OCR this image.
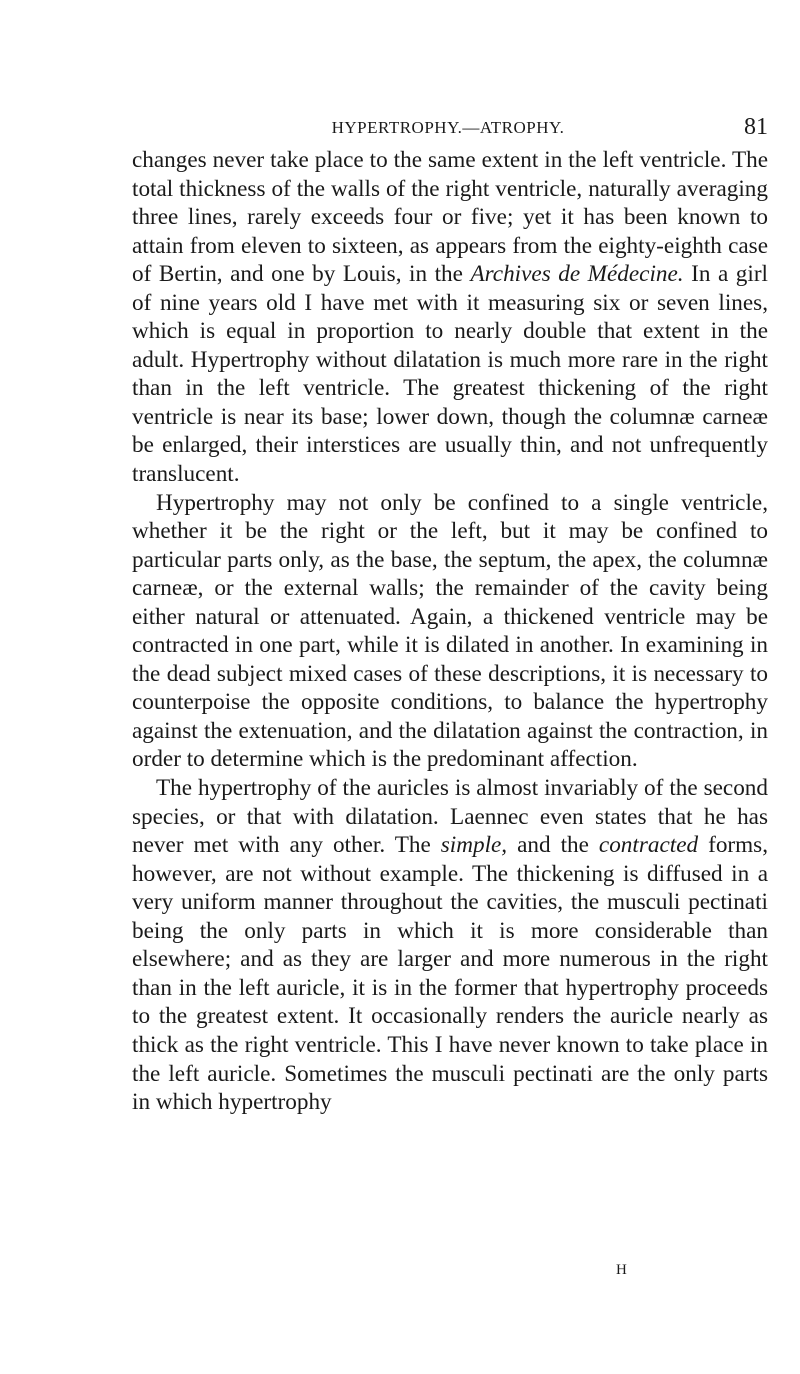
HYPERTROPHY.—ATROPHY.	81

changes never take place to the same extent in the left ventricle. The total thickness of the walls of the right ventricle, naturally averaging three lines, rarely exceeds four or five; yet it has been known to attain from eleven to sixteen, as appears from the eighty-eighth case of Bertin, and one by Louis, in the Archives de Médecine. In a girl of nine years old I have met with it measuring six or seven lines, which is equal in proportion to nearly double that extent in the adult. Hypertrophy without dilatation is much more rare in the right than in the left ventricle. The greatest thickening of the right ventricle is near its base; lower down, though the columnæ carneæ be enlarged, their interstices are usually thin, and not unfrequently translucent.

Hypertrophy may not only be confined to a single ventricle, whether it be the right or the left, but it may be confined to particular parts only, as the base, the septum, the apex, the columnæ carneæ, or the external walls; the remainder of the cavity being either natural or attenuated. Again, a thickened ventricle may be contracted in one part, while it is dilated in another. In examining in the dead subject mixed cases of these descriptions, it is necessary to counterpoise the opposite conditions, to balance the hypertrophy against the extenuation, and the dilatation against the contraction, in order to determine which is the predominant affection.

The hypertrophy of the auricles is almost invariably of the second species, or that with dilatation. Laennec even states that he has never met with any other. The simple, and the contracted forms, however, are not without example. The thickening is diffused in a very uniform manner throughout the cavities, the musculi pectinati being the only parts in which it is more considerable than elsewhere; and as they are larger and more numerous in the right than in the left auricle, it is in the former that hypertrophy proceeds to the greatest extent. It occasionally renders the auricle nearly as thick as the right ventricle. This I have never known to take place in the left auricle. Sometimes the musculi pectinati are the only parts in which hypertrophy

H
